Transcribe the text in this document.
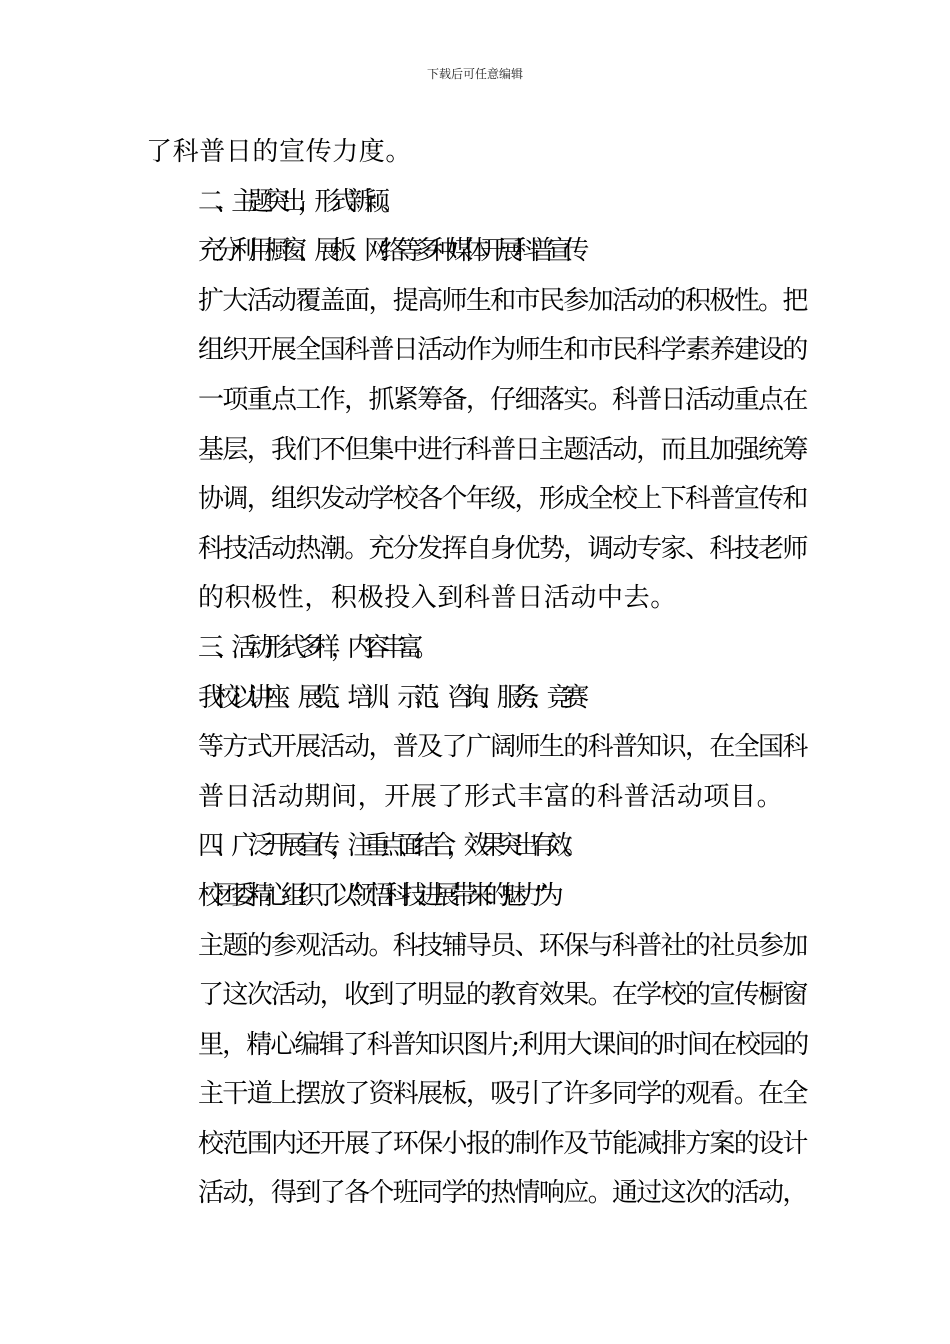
下载后可任意编辑
了科普日的宣传力度。
二、主题突出，形式新颖。
充分利用橱窗、展板、网络等多种媒体开展科普宣传
扩大活动覆盖面，提高师生和市民参加活动的积极性。把
组织开展全国科普日活动作为师生和市民科学素养建设的
一项重点工作，抓紧筹备，仔细落实。科普日活动重点在
基层，我们不但集中进行科普日主题活动，而且加强统筹
协调，组织发动学校各个年级，形成全校上下科普宣传和
科技活动热潮。充分发挥自身优势，调动专家、科技老师
的积极性，积极投入到科普日活动中去。
三、活动形式多样，内容丰富。
我校以讲座、展览、培训、示范、咨询、服务、竞赛
等方式开展活动，普及了广阔师生的科普知识，在全国科
普日活动期间，开展了形式丰富的科普活动项目。
四、广泛开展宣传，注重点面结合，效果突出有效。
校团委精心组织了以“领悟科技进展带来的魅力”为
主题的参观活动。科技辅导员、环保与科普社的社员参加
了这次活动，收到了明显的教育效果。在学校的宣传橱窗
里，精心编辑了科普知识图片;利用大课间的时间在校园的
主干道上摆放了资料展板，吸引了许多同学的观看。在全
校范围内还开展了环保小报的制作及节能减排方案的设计
活动，得到了各个班同学的热情响应。通过这次的活动，
